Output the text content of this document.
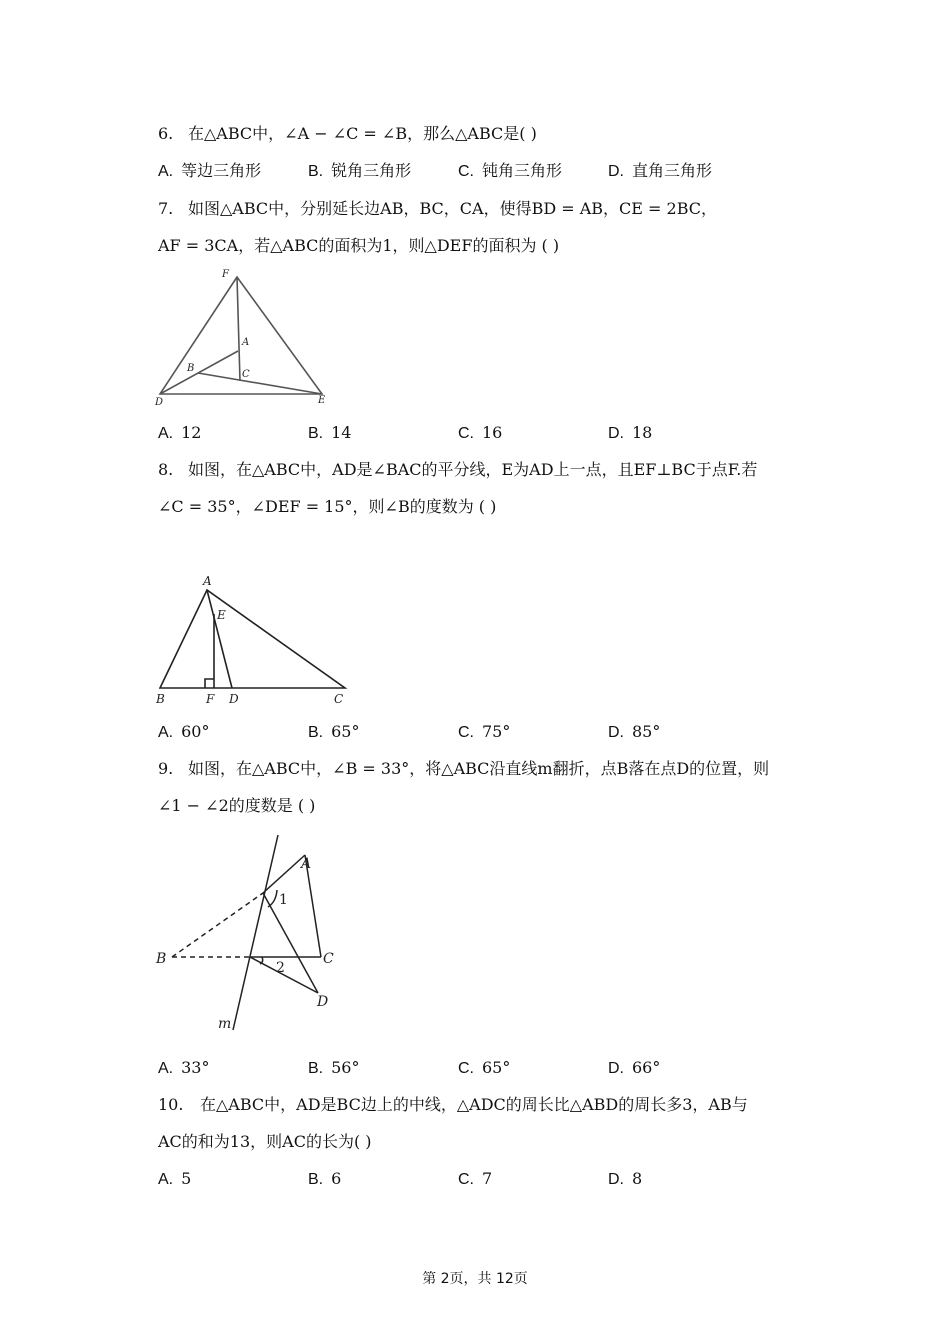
6. 在△ABC中，∠A − ∠C = ∠B，那么△ABC是( )
A. 等边三角形	B. 锐角三角形	C. 钝角三角形	D. 直角三角形
7. 如图△ABC中，分别延长边AB，BC，CA，使得BD = AB，CE = 2BC，
AF = 3CA，若△ABC的面积为1，则△DEF的面积为 ( )
F
A
B
C
D	E
A. 12	B. 14	C. 16	D. 18
8. 如图，在△ABC中，AD是∠BAC的平分线，E为AD上一点，且EF⊥BC于点F.若
∠C = 35°，∠DEF = 15°，则∠B的度数为 ( )
A
E
B	F D	C
A. 60°	B. 65°	C. 75°	D. 85°
9. 如图，在△ABC中，∠B = 33°，将△ABC沿直线m翻折，点B落在点D的位置，则
∠1 − ∠2的度数是 ( )
A
1
B	C
2
D
m
A. 33°	B. 56°	C. 65°	D. 66°
10. 在△ABC中，AD是BC边上的中线，△ADC的周长比△ABD的周长多3，AB与
AC的和为13，则AC的长为( )
A. 5	B. 6	C. 7	D. 8
第 2页，共 12页
